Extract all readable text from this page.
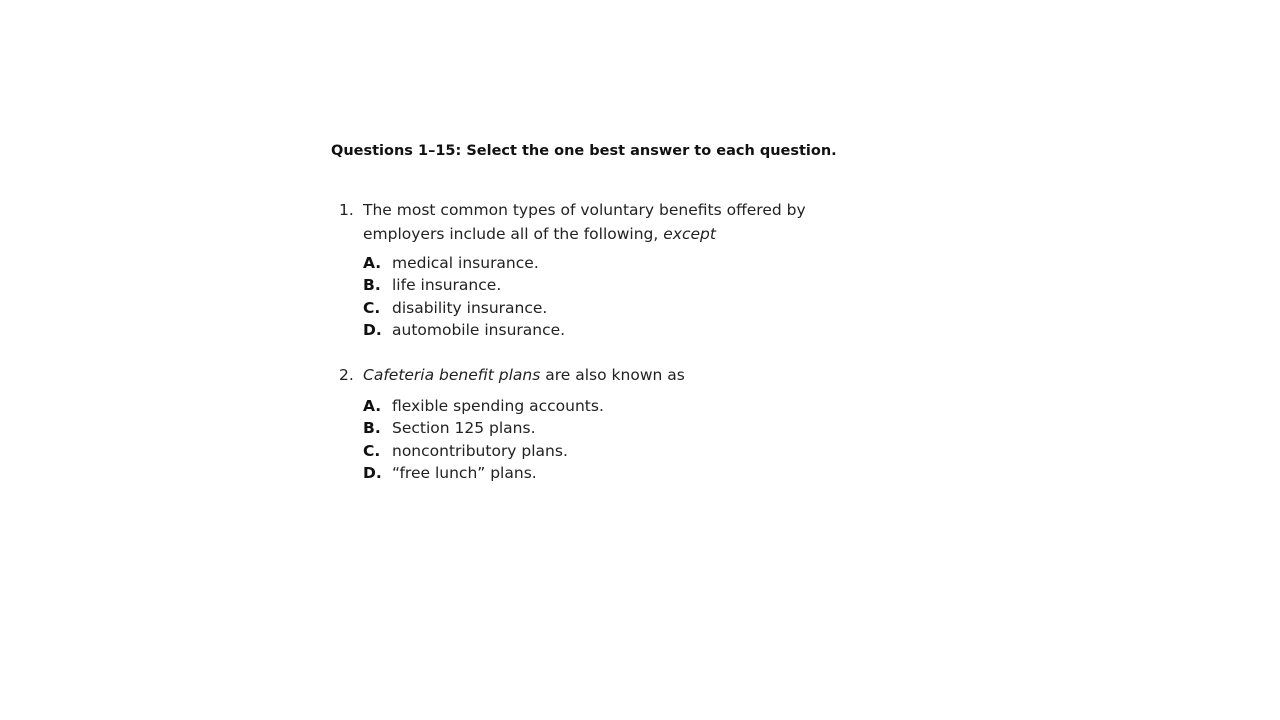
Questions 1–15: Select the one best answer to each question.
1. The most common types of voluntary benefits offered by employers include all of the following, except
A. medical insurance.
B. life insurance.
C. disability insurance.
D. automobile insurance.
2. Cafeteria benefit plans are also known as
A. flexible spending accounts.
B. Section 125 plans.
C. noncontributory plans.
D. “free lunch” plans.
